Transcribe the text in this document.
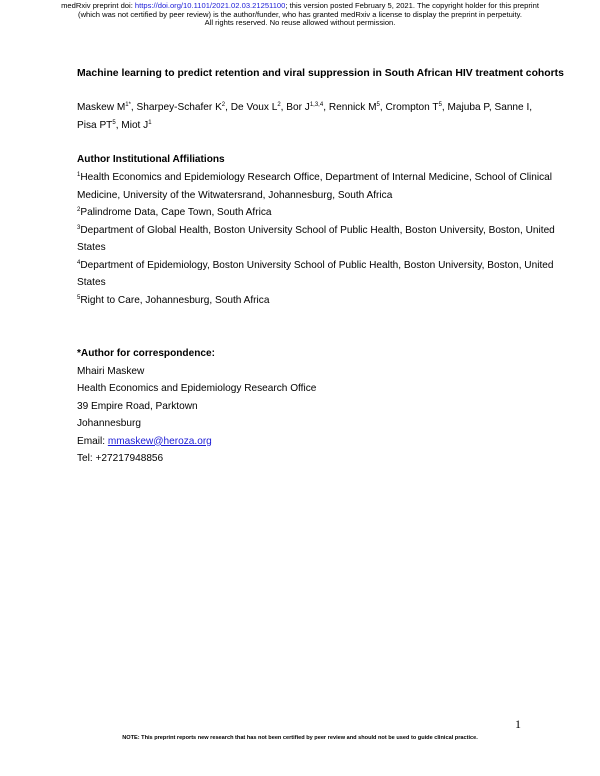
medRxiv preprint doi: https://doi.org/10.1101/2021.02.03.21251100; this version posted February 5, 2021. The copyright holder for this preprint
(which was not certified by peer review) is the author/funder, who has granted medRxiv a license to display the preprint in perpetuity.
All rights reserved. No reuse allowed without permission.
Machine learning to predict retention and viral suppression in South African HIV treatment cohorts
Maskew $M^{1*}$, Sharpey-Schafer $K^2$, De Voux $L^2$, Bor J$^{1,3,4}$, Rennick $M^5$, Crompton $T^5$, Majuba P, Sanne I, Pisa $PT^5$, Miot $J^1$
Author Institutional Affiliations

$^1$Health Economics and Epidemiology Research Office, Department of Internal Medicine, School of Clinical Medicine, University of the Witwatersrand, Johannesburg, South Africa

$^2$Palindrome Data, Cape Town, South Africa

$^3$Department of Global Health, Boston University School of Public Health, Boston University, Boston, United States

$^4$Department of Epidemiology, Boston University School of Public Health, Boston University, Boston, United States

$^5$Right to Care, Johannesburg, South Africa

*Author for correspondence:

Mhairi Maskew

Health Economics and Epidemiology Research Office

39 Empire Road, Parktown

Johannesburg

Email: mmaskew@heroza.org

Tel: +27217948856

1
NOTE: This preprint reports new research that has not been certified by peer review and should not be used to guide clinical practice.
